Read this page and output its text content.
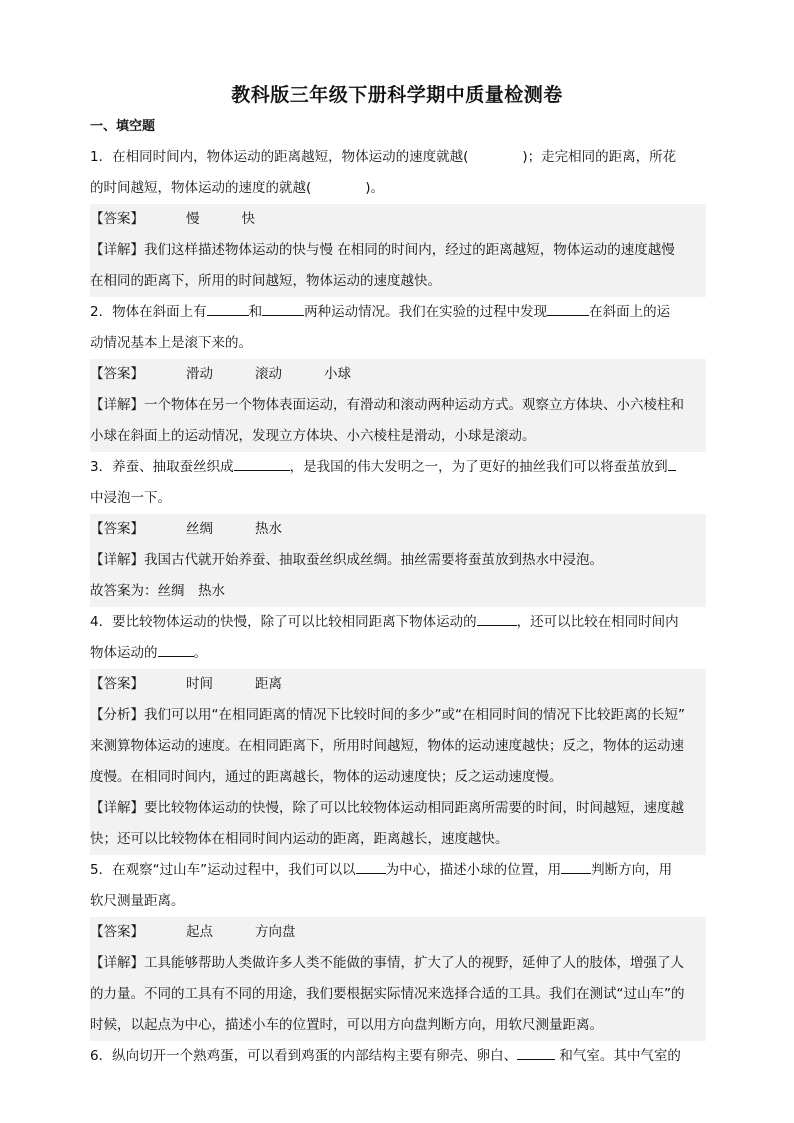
教科版三年级下册科学期中质量检测卷
一、填空题

1．在相同时间内，物体运动的距离越短，物体运动的速度就越(　　　　)；走完相同的距离，所花
的时间越短，物体运动的速度的就越(　　　　)。

【答案】	慢	快

【详解】我们这样描述物体运动的快与慢 在相同的时间内，经过的距离越短，物体运动的速度越慢
在相同的距离下，所用的时间越短，物体运动的速度越快。

2．物体在斜面上有	和	两种运动情况。我们在实验的过程中发现	在斜面上的运
动情况基本上是滚下来的。

【答案】	滑动	滚动	小球

【详解】一个物体在另一个物体表面运动，有滑动和滚动两种运动方式。观察立方体块、小六棱柱和
小球在斜面上的运动情况，发现立方体块、小六棱柱是滑动，小球是滚动。

3．养蚕、抽取蚕丝织成	，是我国的伟大发明之一，为了更好的抽丝我们可以将蚕茧放到
中浸泡一下。

【答案】	丝绸	热水

【详解】我国古代就开始养蚕、抽取蚕丝织成丝绸。抽丝需要将蚕茧放到热水中浸泡。
故答案为：丝绸　热水

4．要比较物体运动的快慢，除了可以比较相同距离下物体运动的	，还可以比较在相同时间内
物体运动的	。

【答案】	时间	距离

【分析】我们可以用“在相同距离的情况下比较时间的多少”或“在相同时间的情况下比较距离的长短”
来测算物体运动的速度。在相同距离下，所用时间越短，物体的运动速度越快；反之，物体的运动速
度慢。在相同时间内，通过的距离越长，物体的运动速度快；反之运动速度慢。

【详解】要比较物体运动的快慢，除了可以比较物体运动相同距离所需要的时间，时间越短，速度越
快；还可以比较物体在相同时间内运动的距离，距离越长，速度越快。

5．在观察“过山车”运动过程中，我们可以以 为中心，描述小球的位置，用 判断方向，用
软尺测量距离。

【答案】	起点	方向盘

【详解】工具能够帮助人类做许多人类不能做的事情，扩大了人的视野，延伸了人的肢体，增强了人
的力量。不同的工具有不同的用途，我们要根据实际情况来选择合适的工具。我们在测试“过山车”的
时候，以起点为中心，描述小车的位置时，可以用方向盘判断方向，用软尺测量距离。

6．纵向切开一个熟鸡蛋，可以看到鸡蛋的内部结构主要有卵壳、卵白、	和气室。其中气室的
